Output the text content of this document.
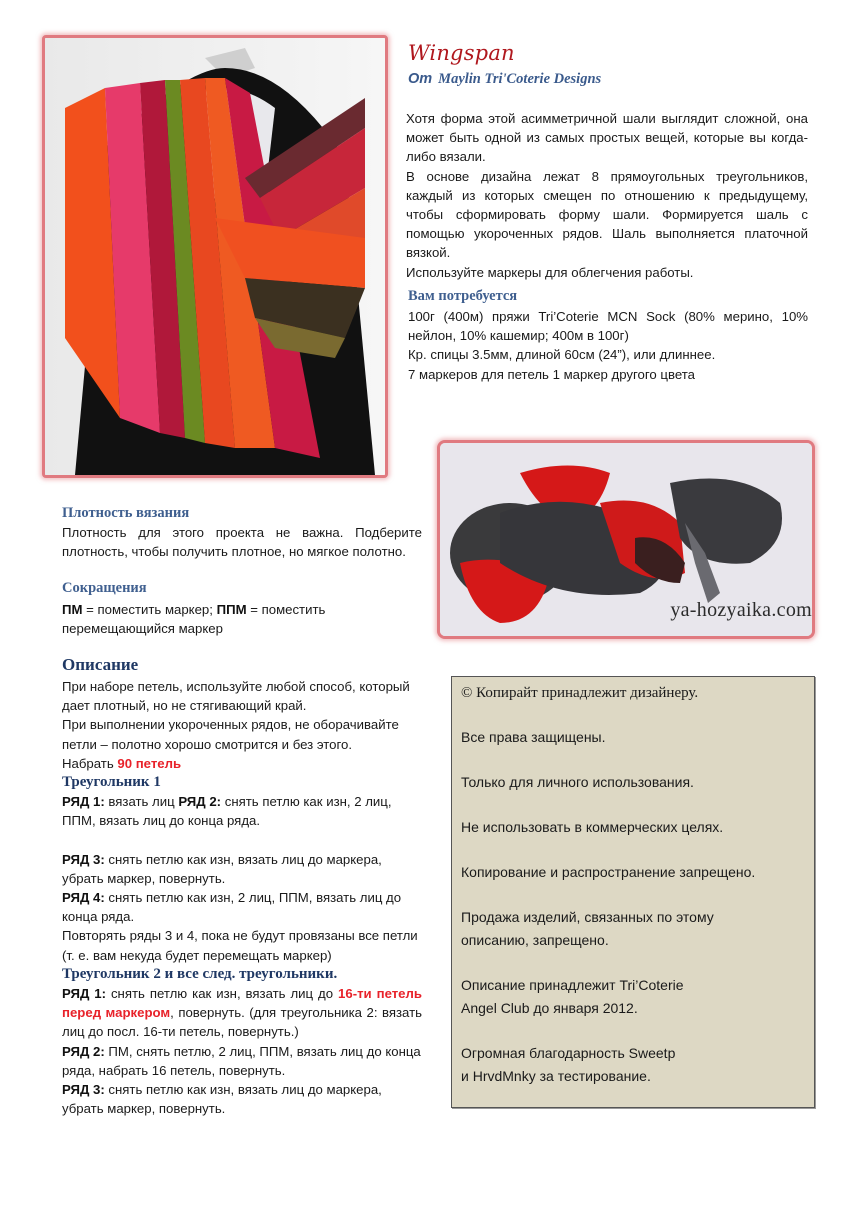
Wingspan
От Maylin Tri'Coterie Designs
Хотя форма этой асимметричной шали выглядит сложной, она может быть одной из самых простых вещей, которые вы когда-либо вязали.
В основе дизайна лежат 8 прямоугольных треугольников, каждый из которых смещен по отношению к предыдущему, чтобы сформировать форму шали. Формируется шаль с помощью укороченных рядов. Шаль выполняется платочной вязкой.
Используйте маркеры для облегчения работы.
Вам потребуется
100г (400м) пряжи Tri’Coterie MCN Sock (80% мерино, 10% нейлон, 10% кашемир; 400м в 100г)
Кр. спицы 3.5мм, длиной 60см (24”), или длиннее.
7 маркеров для петель 1 маркер другого цвета
ya-hozyaika.com
Плотность вязания
Плотность для этого проекта не важна. Подберите плотность, чтобы получить плотное, но мягкое полотно.
Сокращения
ПМ = поместить маркер; ППМ = поместить перемещающийся маркер
Описание
При наборе петель, используйте любой способ, который дает плотный, но не стягивающий край.
При выполнении укороченных рядов, не оборачивайте петли – полотно хорошо смотрится и без этого.
Набрать 90 петель
Треугольник 1
РЯД 1: вязать лиц РЯД 2: снять петлю как изн, 2 лиц, ППМ, вязать лиц до конца ряда.
РЯД 3: снять петлю как изн, вязать лиц до маркера, убрать маркер, повернуть.
РЯД 4: снять петлю как изн, 2 лиц, ППМ, вязать лиц до конца ряда.
Повторять ряды 3 и 4, пока не будут провязаны все петли (т. е. вам некуда будет перемещать маркер)
Треугольник 2 и все след. треугольники.
РЯД 1: снять петлю как изн, вязать лиц до 16-ти петель перед маркером, повернуть. (для треугольника 2: вязать лиц до посл. 16-ти петель, повернуть.)
РЯД 2: ПМ, снять петлю, 2 лиц, ППМ, вязать лиц до конца ряда, набрать 16 петель, повернуть.
РЯД 3: снять петлю как изн, вязать лиц до маркера, убрать маркер, повернуть.
© Копирайт принадлежит дизайнеру.
Все права защищены.
Только для личного использования.
Не использовать в коммерческих целях.
Копирование и распространение запрещено.
Продажа изделий, связанных по этому
описанию, запрещено.
Описание принадлежит Tri’Coterie
Angel Club до января 2012.
Огромная благодарность Sweetp
и HrvdMnky за тестирование.
